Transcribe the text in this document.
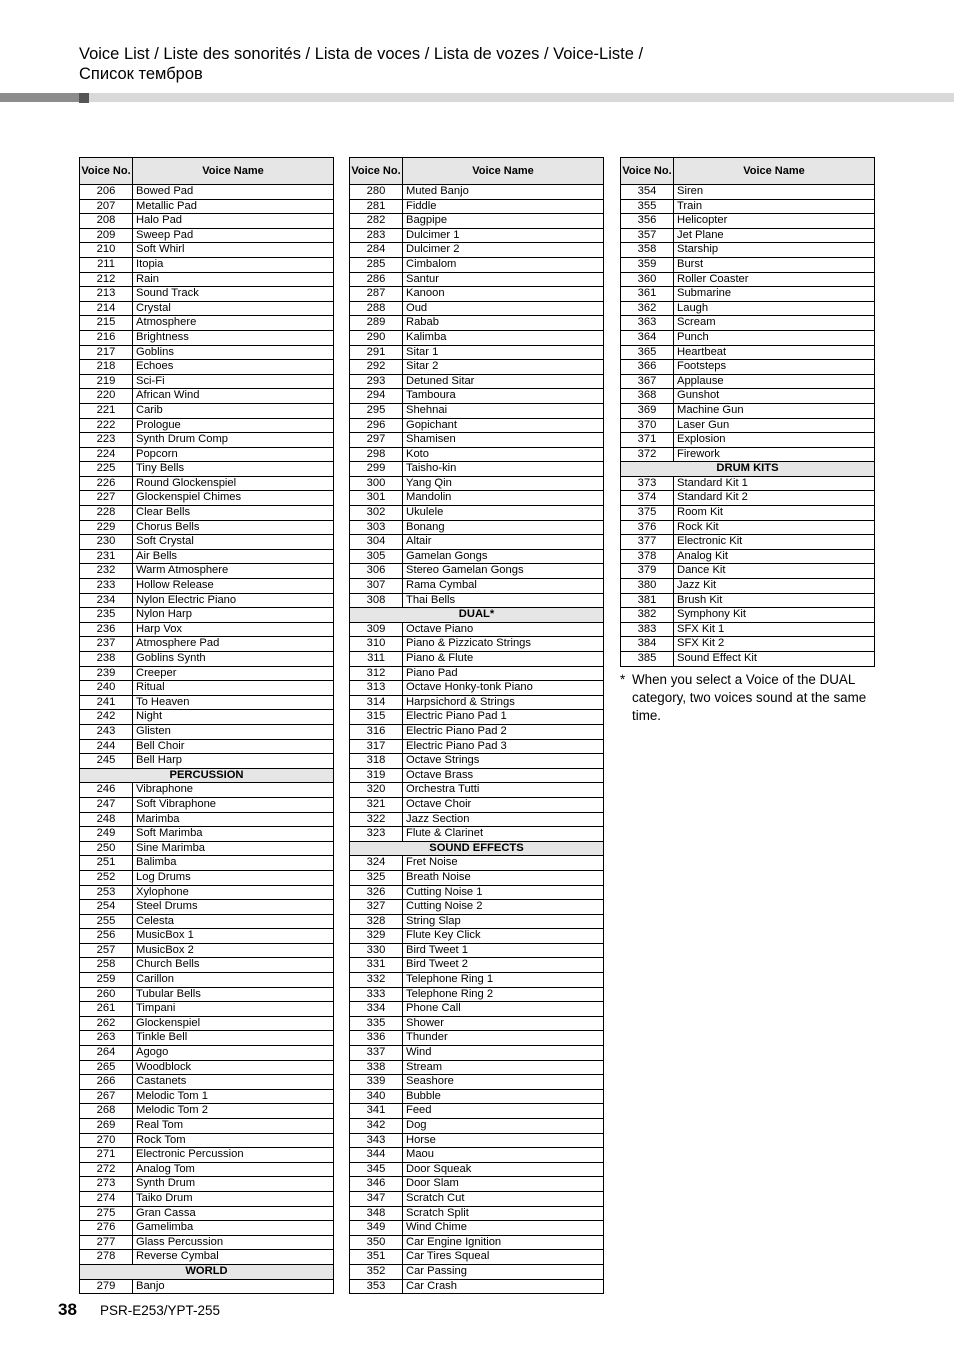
Voice List / Liste des sonorités / Lista de voces / Lista de vozes / Voice-Liste /
Список тембров
Voice No.	Voice Name
206	Bowed Pad
207	Metallic Pad
208	Halo Pad
209	Sweep Pad
210	Soft Whirl
211	Itopia
212	Rain
213	Sound Track
214	Crystal
215	Atmosphere
216	Brightness
217	Goblins
218	Echoes
219	Sci-Fi
220	African Wind
221	Carib
222	Prologue
223	Synth Drum Comp
224	Popcorn
225	Tiny Bells
226	Round Glockenspiel
227	Glockenspiel Chimes
228	Clear Bells
229	Chorus Bells
230	Soft Crystal
231	Air Bells
232	Warm Atmosphere
233	Hollow Release
234	Nylon Electric Piano
235	Nylon Harp
236	Harp Vox
237	Atmosphere Pad
238	Goblins Synth
239	Creeper
240	Ritual
241	To Heaven
242	Night
243	Glisten
244	Bell Choir
245	Bell Harp
PERCUSSION	
246	Vibraphone
247	Soft Vibraphone
248	Marimba
249	Soft Marimba
250	Sine Marimba
251	Balimba
252	Log Drums
253	Xylophone
254	Steel Drums
255	Celesta
256	MusicBox 1
257	MusicBox 2
258	Church Bells
259	Carillon
260	Tubular Bells
261	Timpani
262	Glockenspiel
263	Tinkle Bell
264	Agogo
265	Woodblock
266	Castanets
267	Melodic Tom 1
268	Melodic Tom 2
269	Real Tom
270	Rock Tom
271	Electronic Percussion
272	Analog Tom
273	Synth Drum
274	Taiko Drum
275	Gran Cassa
276	Gamelimba
277	Glass Percussion
278	Reverse Cymbal
WORLD	
279	Banjo
Voice No.	Voice Name
280	Muted Banjo
281	Fiddle
282	Bagpipe
283	Dulcimer 1
284	Dulcimer 2
285	Cimbalom
286	Santur
287	Kanoon
288	Oud
289	Rabab
290	Kalimba
291	Sitar 1
292	Sitar 2
293	Detuned Sitar
294	Tamboura
295	Shehnai
296	Gopichant
297	Shamisen
298	Koto
299	Taisho-kin
300	Yang Qin
301	Mandolin
302	Ukulele
303	Bonang
304	Altair
305	Gamelan Gongs
306	Stereo Gamelan Gongs
307	Rama Cymbal
308	Thai Bells
DUAL*	
309	Octave Piano
310	Piano & Pizzicato Strings
311	Piano & Flute
312	Piano Pad
313	Octave Honky-tonk Piano
314	Harpsichord & Strings
315	Electric Piano Pad 1
316	Electric Piano Pad 2
317	Electric Piano Pad 3
318	Octave Strings
319	Octave Brass
320	Orchestra Tutti
321	Octave Choir
322	Jazz Section
323	Flute & Clarinet
SOUND EFFECTS	
324	Fret Noise
325	Breath Noise
326	Cutting Noise 1
327	Cutting Noise 2
328	String Slap
329	Flute Key Click
330	Bird Tweet 1
331	Bird Tweet 2
332	Telephone Ring 1
333	Telephone Ring 2
334	Phone Call
335	Shower
336	Thunder
337	Wind
338	Stream
339	Seashore
340	Bubble
341	Feed
342	Dog
343	Horse
344	Maou
345	Door Squeak
346	Door Slam
347	Scratch Cut
348	Scratch Split
349	Wind Chime
350	Car Engine Ignition
351	Car Tires Squeal
352	Car Passing
353	Car Crash
Voice No.	Voice Name
354	Siren
355	Train
356	Helicopter
357	Jet Plane
358	Starship
359	Burst
360	Roller Coaster
361	Submarine
362	Laugh
363	Scream
364	Punch
365	Heartbeat
366	Footsteps
367	Applause
368	Gunshot
369	Machine Gun
370	Laser Gun
371	Explosion
372	Firework
DRUM KITS	
373	Standard Kit 1
374	Standard Kit 2
375	Room Kit
376	Rock Kit
377	Electronic Kit
378	Analog Kit
379	Dance Kit
380	Jazz Kit
381	Brush Kit
382	Symphony Kit
383	SFX Kit 1
384	SFX Kit 2
385	Sound Effect Kit
* When you select a Voice of the DUAL category, two voices sound at the same time.
38 PSR-E253/YPT-255
